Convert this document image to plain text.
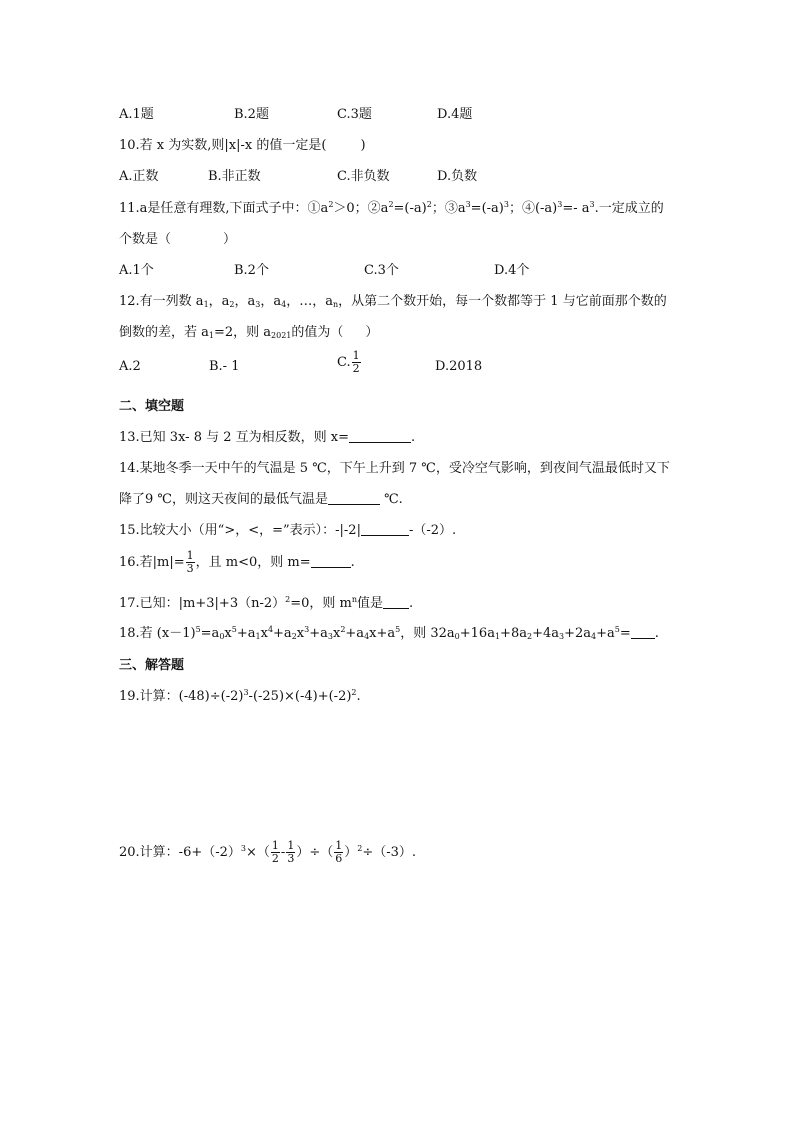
A.1题	B.2题	C.3题	D.4题
10.若 x 为实数,则|x|-x 的值一定是(	)
A.正数	B.非正数	C.非负数	D.负数
11.a是任意有理数,下面式子中：$①a^2>0$；$②a^2=(-a)^2$；$③a^3=(-a)^3$；$④(-a)^3=-$ $a^3$.一定成立的
个数是（	）
A.1个	B.2个	C.3个	D.4个
12.有一列数 $a_1$，$a_2$，$a_3$，$a_4$，…，$a_n$，从第二个数开始，每一个数都等于 1 与它前面那个数的
倒数的差，若 $a_1=2$，则 $a_{2021}$的值为（ ）
A.2	B.- 1	C. $\frac{1}{2}$	D.2018
二、填空题
13.已知 3x- 8 与 2 互为相反数，则 x=	.
14.某地冬季一天中午的气温是 5 ℃，下午上升到 7 ℃，受冷空气影响，到夜间气温最低时又下
降了9 ℃，则这天夜间的最低气温是	℃.
15.比较大小（用“>，<，=”表示）：-|-2|	-（-2）.
16.若$|m|= \frac{1}{3}$ ，且 m<0，则 m=	.
17.已知：$|m+3|+3(n-2)^2=0$，则 $m^n$值是 .
18.若 $(x-1)^5=a_0x^5+a_1x^4+a_2x^3+a_3x^2+a_4x+a^5$，则 $32a_0+16a_1+8a_2+4a_3+2a_4+a^5=$ .
三、解答题
19.计算：$(-48)\div(-2)^3-(-25)\times(-4)+(-2)^2$.
20.计算：$-6+(-2)^3\times( \frac{1}{2} - \frac{1}{3}$ ）÷（ $\frac{1}{6} )^2\div(-3)$.
